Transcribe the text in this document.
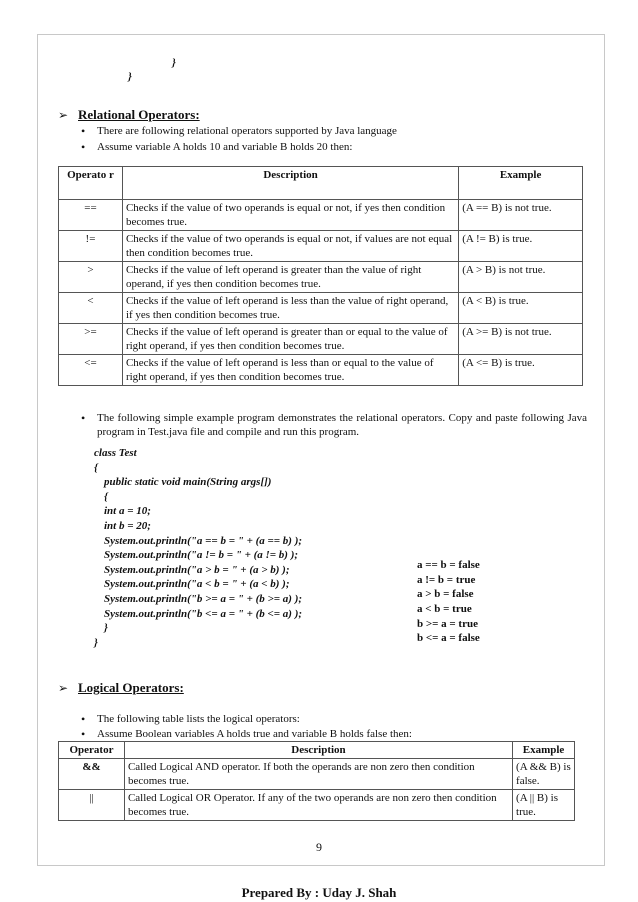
}
}
➢ Relational Operators:
• There are following relational operators supported by Java language
• Assume variable A holds 10 and variable B holds 20 then:
Operato r	Description	Example
==	Checks if the value of two operands is equal or not, if yes then condition becomes true.	(A == B) is not true.
!=	Checks if the value of two operands is equal or not, if values are not equal then condition becomes true.	(A != B) is true.
>	Checks if the value of left operand is greater than the value of right operand, if yes then condition becomes true.	(A > B) is not true.
<	Checks if the value of left operand is less than the value of right operand, if yes then condition becomes true.	(A < B) is true.
>=	Checks if the value of left operand is greater than or equal to the value of right operand, if yes then condition becomes true.	(A >= B) is not true.
<=	Checks if the value of left operand is less than or equal to the value of right operand, if yes then condition becomes true.	(A <= B) is true.
• The following simple example program demonstrates the relational operators. Copy and paste following Java program in Test.java file and compile and run this program.
class Test
{
public static void main(String args[])
{
int a = 10;
int b = 20;
System.out.println("a == b = " + (a == b) );
System.out.println("a != b = " + (a != b) );
System.out.println("a > b = " + (a > b) );
System.out.println("a < b = " + (a < b) );
System.out.println("b >= a = " + (b >= a) );
System.out.println("b <= a = " + (b <= a) );
}
}
a == b = false
a != b = true
a > b = false
a < b = true
b >= a = true
b <= a = false
➢ Logical Operators:
• The following table lists the logical operators:
• Assume Boolean variables A holds true and variable B holds false then:
Operator	Description	Example
&&	Called Logical AND operator. If both the operands are non zero then condition becomes true.	(A && B) is false.
||	Called Logical OR Operator. If any of the two operands are non zero then condition becomes true.	(A || B) is true.
9
Prepared By : Uday J. Shah
